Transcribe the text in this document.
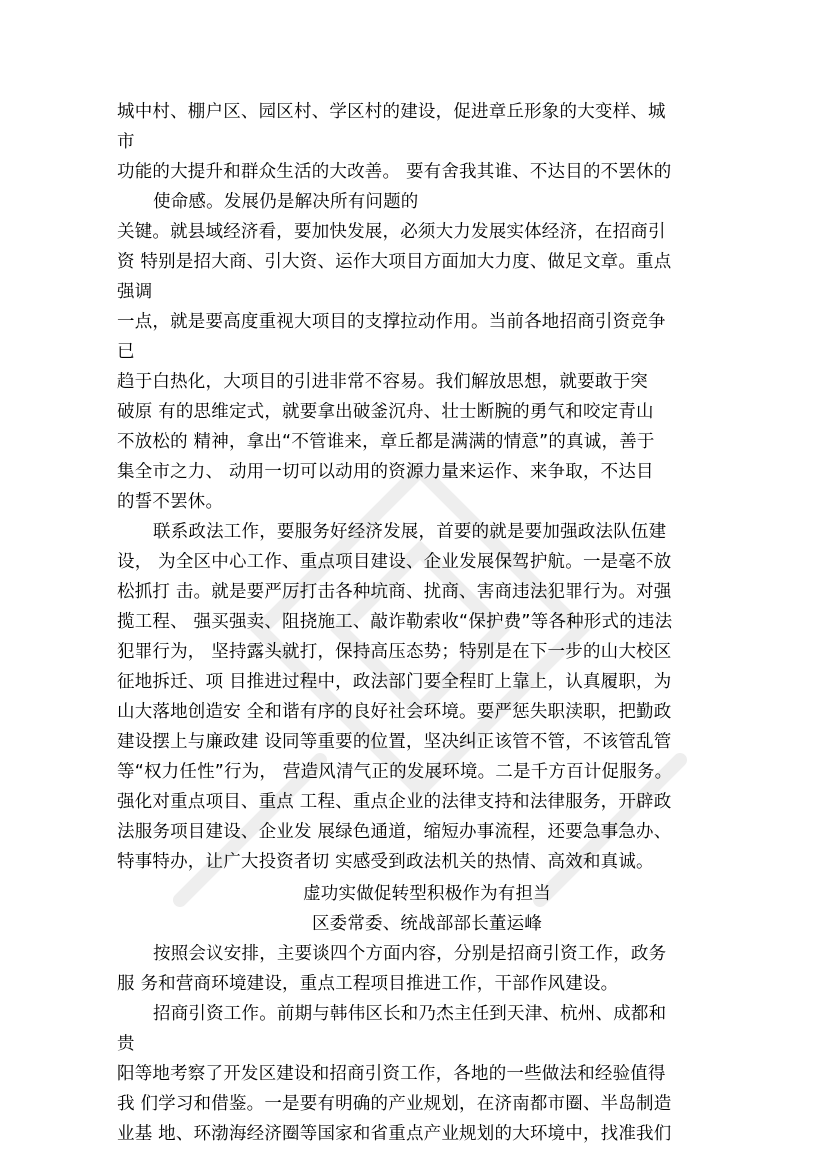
城中村、棚户区、园区村、学区村的建设，促进章丘形象的大变样、城
市
功能的大提升和群众生活的大改善。 要有舍我其谁、不达目的不罢休的
使命感。发展仍是解决所有问题的
关键。就县域经济看，要加快发展，必须大力发展实体经济，在招商引
资 特别是招大商、引大资、运作大项目方面加大力度、做足文章。重点
强调
一点，就是要高度重视大项目的支撑拉动作用。当前各地招商引资竞争
已
趋于白热化，大项目的引进非常不容易。我们解放思想，就要敢于突
破原 有的思维定式，就要拿出破釜沉舟、壮士断腕的勇气和咬定青山
不放松的 精神，拿出“不管谁来，章丘都是满满的情意”的真诚，善于
集全市之力、 动用一切可以动用的资源力量来运作、来争取，不达目
的誓不罢休。
联系政法工作，要服务好经济发展，首要的就是要加强政法队伍建
设， 为全区中心工作、重点项目建设、企业发展保驾护航。一是毫不放
松抓打 击。就是要严厉打击各种坑商、扰商、害商违法犯罪行为。对强
揽工程、 强买强卖、阻挠施工、敲诈勒索收“保护费”等各种形式的违法
犯罪行为， 坚持露头就打，保持高压态势；特别是在下一步的山大校区
征地拆迁、项 目推进过程中，政法部门要全程盯上靠上，认真履职，为
山大落地创造安 全和谐有序的良好社会环境。要严惩失职渎职，把勤政
建设摆上与廉政建 设同等重要的位置，坚决纠正该管不管，不该管乱管
等“权力任性”行为， 营造风清气正的发展环境。二是千方百计促服务。
强化对重点项目、重点 工程、重点企业的法律支持和法律服务，开辟政
法服务项目建设、企业发 展绿色通道，缩短办事流程，还要急事急办、
特事特办，让广大投资者切 实感受到政法机关的热情、高效和真诚。
虚功实做促转型积极作为有担当
区委常委、统战部部长董运峰
按照会议安排，主要谈四个方面内容，分别是招商引资工作，政务
服 务和营商环境建设，重点工程项目推进工作，干部作风建设。
招商引资工作。前期与韩伟区长和乃杰主任到天津、杭州、成都和
贵
阳等地考察了开发区建设和招商引资工作，各地的一些做法和经验值得
我 们学习和借鉴。一是要有明确的产业规划，在济南都市圈、半岛制造
业基 地、环渤海经济圈等国家和省重点产业规划的大环境中，找准我们
